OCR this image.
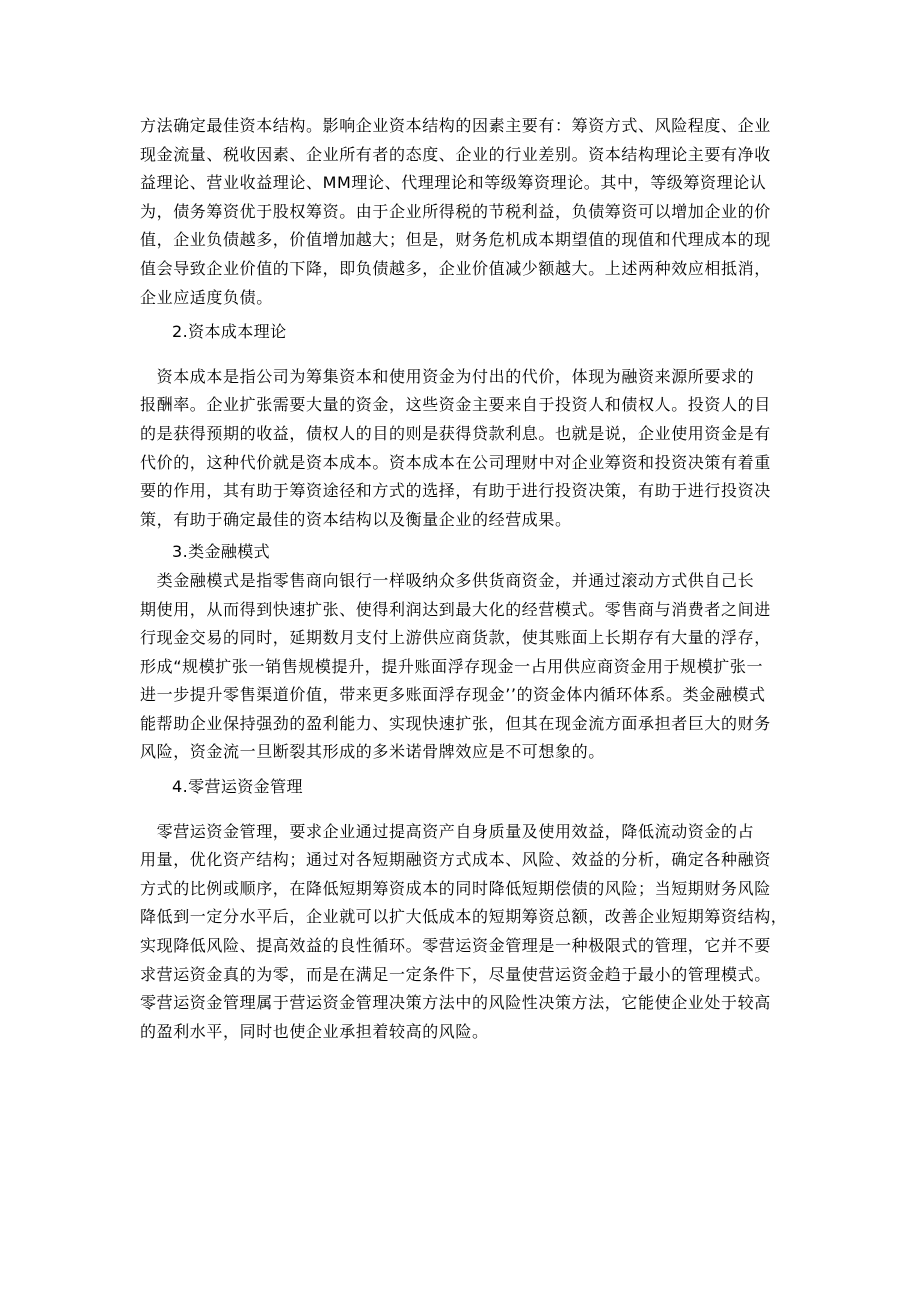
方法确定最佳资本结构。影响企业资本结构的因素主要有：筹资方式、风险程度、企业
现金流量、税收因素、企业所有者的态度、企业的行业差别。资本结构理论主要有净收
益理论、营业收益理论、MM理论、代理理论和等级筹资理论。其中，等级筹资理论认
为，债务筹资优于股权筹资。由于企业所得税的节税利益，负债筹资可以增加企业的价
值，企业负债越多，价值增加越大；但是，财务危机成本期望值的现值和代理成本的现
值会导致企业价值的下降，即负债越多，企业价值减少额越大。上述两种效应相抵消，
企业应适度负债。
2.资本成本理论
　资本成本是指公司为筹集资本和使用资金为付出的代价，体现为融资来源所要求的
报酬率。企业扩张需要大量的资金，这些资金主要来自于投资人和债权人。投资人的目
的是获得预期的收益，债权人的目的则是获得贷款利息。也就是说，企业使用资金是有
代价的，这种代价就是资本成本。资本成本在公司理财中对企业筹资和投资决策有着重
要的作用，其有助于筹资途径和方式的选择，有助于进行投资决策，有助于进行投资决
策，有助于确定最佳的资本结构以及衡量企业的经营成果。
3.类金融模式
　类金融模式是指零售商向银行一样吸纳众多供货商资金，并通过滚动方式供自己长
期使用，从而得到快速扩张、使得利润达到最大化的经营模式。零售商与消费者之间进
行现金交易的同时，延期数月支付上游供应商货款，使其账面上长期存有大量的浮存，
形成“规模扩张一销售规模提升，提升账面浮存现金一占用供应商资金用于规模扩张一
进一步提升零售渠道价值，带来更多账面浮存现金’’的资金体内循环体系。类金融模式
能帮助企业保持强劲的盈利能力、实现快速扩张，但其在现金流方面承担者巨大的财务
风险，资金流一旦断裂其形成的多米诺骨牌效应是不可想象的。
4.零营运资金管理
　零营运资金管理，要求企业通过提高资产自身质量及使用效益，降低流动资金的占
用量，优化资产结构；通过对各短期融资方式成本、风险、效益的分析，确定各种融资
方式的比例或顺序，在降低短期筹资成本的同时降低短期偿债的风险；当短期财务风险
降低到一定分水平后，企业就可以扩大低成本的短期筹资总额，改善企业短期筹资结构，
实现降低风险、提高效益的良性循环。零营运资金管理是一种极限式的管理，它并不要
求营运资金真的为零，而是在满足一定条件下，尽量使营运资金趋于最小的管理模式。
零营运资金管理属于营运资金管理决策方法中的风险性决策方法，它能使企业处于较高
的盈利水平，同时也使企业承担着较高的风险。
